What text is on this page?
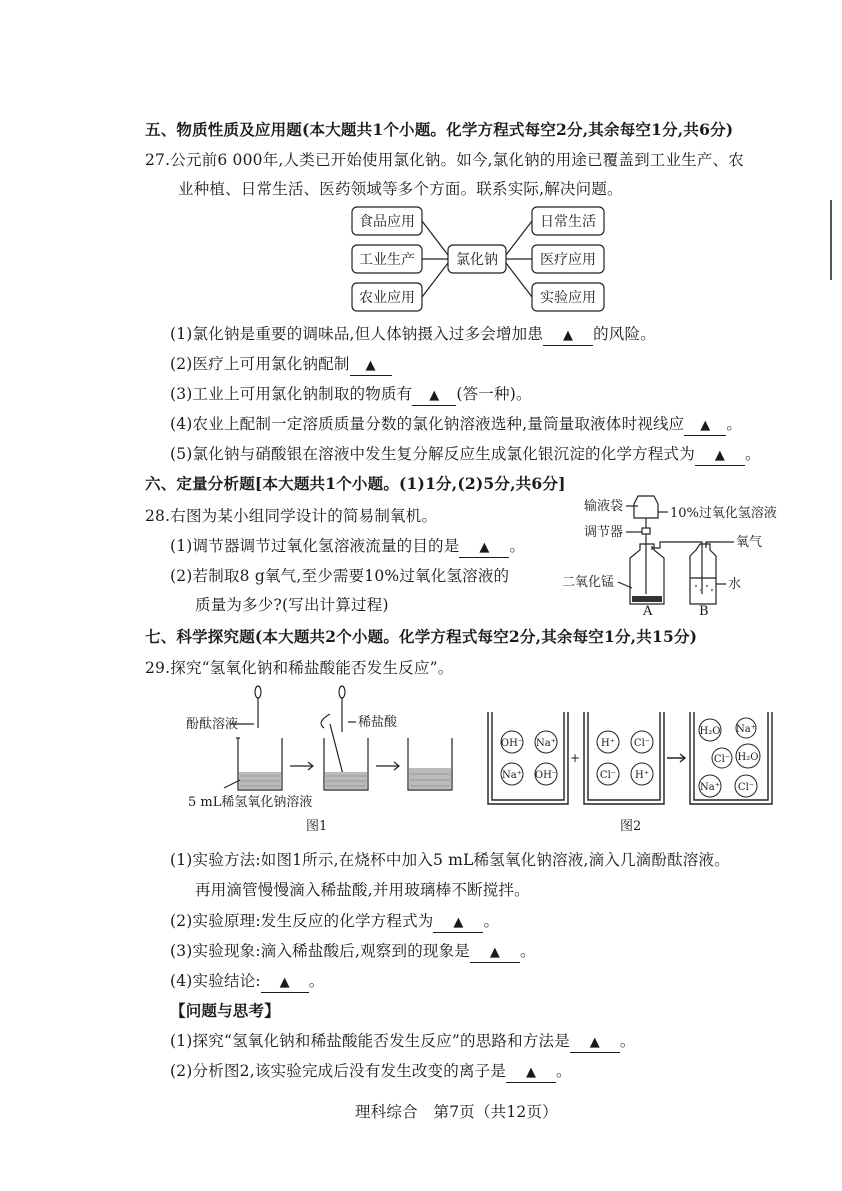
五、物质性质及应用题(本大题共1个小题。化学方程式每空2分,其余每空1分,共6分)
27.公元前6 000年,人类已开始使用氯化钠。如今,氯化钠的用途已覆盖到工业生产、农
业种植、日常生活、医药领域等多个方面。联系实际,解决问题。
食品应用
工业生产
农业应用
氯化钠
日常生活
医疗应用
实验应用
(1)氯化钠是重要的调味品,但人体钠摄入过多会增加患 ▲ 的风险。
(2)医疗上可用氯化钠配制 ▲
(3)工业上可用氯化钠制取的物质有 ▲ (答一种)。
(4)农业上配制一定溶质质量分数的氯化钠溶液选种,量筒量取液体时视线应 ▲ 。
(5)氯化钠与硝酸银在溶液中发生复分解反应生成氯化银沉淀的化学方程式为 ▲ 。
六、定量分析题[本大题共1个小题。(1)1分,(2)5分,共6分]
28.右图为某小组同学设计的简易制氧机。
(1)调节器调节过氧化氢溶液流量的目的是 ▲ 。
(2)若制取8 g氧气,至少需要10%过氧化氢溶液的
质量为多少?(写出计算过程)
输液袋
调节器
10%过氧化氢溶液
氧气
二氧化锰	水
A	B
七、科学探究题(本大题共2个小题。化学方程式每空2分,其余每空1分,共15分)
29.探究“氢氧化钠和稀盐酸能否发生反应”。
酚酞溶液	稀盐酸
5 mL稀氢氧化钠溶液
图1
OH⁻ Na⁺
Na⁺ OH⁻
H⁺ Cl⁻
Cl⁻ H⁺
H₂O Na⁺
Na⁺
Cl⁻ H₂O
Cl⁻
+
图2
(1)实验方法:如图1所示,在烧杯中加入5 mL稀氢氧化钠溶液,滴入几滴酚酞溶液。
再用滴管慢慢滴入稀盐酸,并用玻璃棒不断搅拌。
(2)实验原理:发生反应的化学方程式为 ▲ 。
(3)实验现象:滴入稀盐酸后,观察到的现象是 ▲ 。
(4)实验结论: ▲ 。
【问题与思考】
(1)探究“氢氧化钠和稀盐酸能否发生反应”的思路和方法是 ▲ 。
(2)分析图2,该实验完成后没有发生改变的离子是 ▲ 。
理科综合　第7页（共12页）
